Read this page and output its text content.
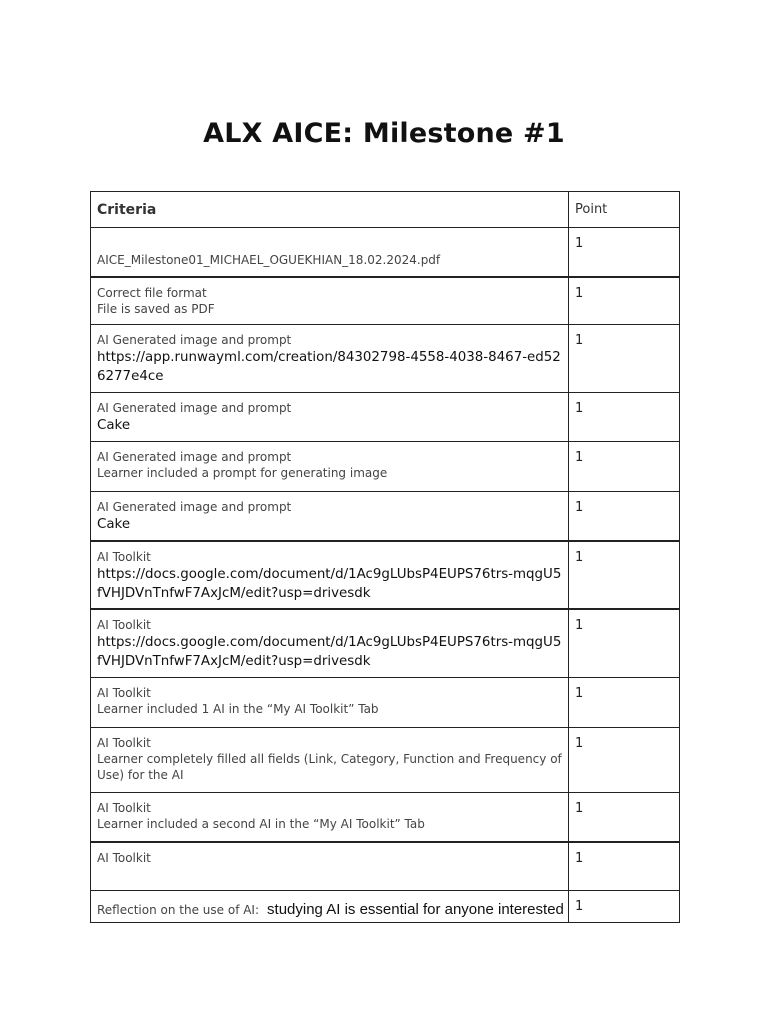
ALX AICE: Milestone #1
Criteria	Point

AICE_Milestone01_MICHAEL_OGUEKHIAN_18.02.2024.pdf	1

Correct file format
File is saved as PDF	1

AI Generated image and prompt
https://app.runwayml.com/creation/84302798-4558-4038-8467-ed526277e4ce	1

AI Generated image and prompt
Cake	1

AI Generated image and prompt
Learner included a prompt for generating image	1

AI Generated image and prompt
Cake	1

AI Toolkit
https://docs.google.com/document/d/1Ac9gLUbsP4EUPS76trs-mqgU5fVHJDVnTnfwF7AxJcM/edit?usp=drivesdk	1

AI Toolkit
https://docs.google.com/document/d/1Ac9gLUbsP4EUPS76trs-mqgU5fVHJDVnTnfwF7AxJcM/edit?usp=drivesdk	1

AI Toolkit
Learner included 1 AI in the “My AI Toolkit” Tab	1

AI Toolkit
Learner completely filled all fields (Link, Category, Function and Frequency of Use) for the AI	1

AI Toolkit
Learner included a second AI in the “My AI Toolkit” Tab	1

AI Toolkit	1
Reflection on the use of AI: studying AI is essential for anyone interested	1
